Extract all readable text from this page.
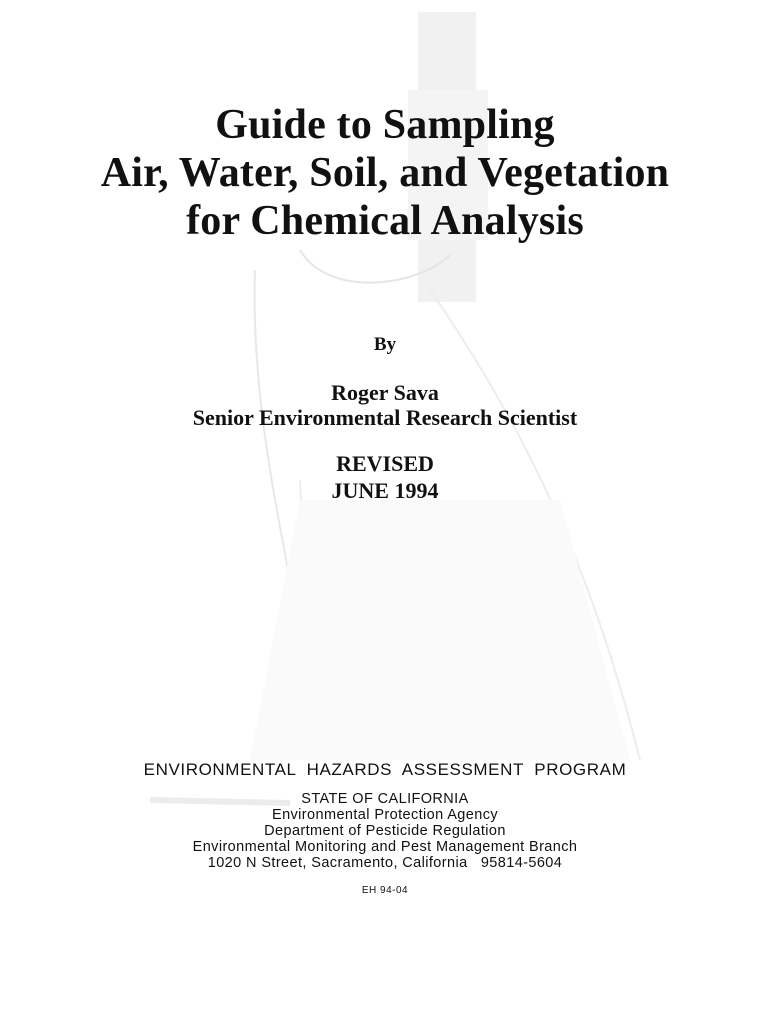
Guide to Sampling
Air, Water, Soil, and Vegetation
for Chemical Analysis
By
Roger Sava
Senior Environmental Research Scientist
REVISED
JUNE 1994
ENVIRONMENTAL  HAZARDS  ASSESSMENT  PROGRAM
STATE OF CALIFORNIA
Environmental Protection Agency
Department of Pesticide Regulation
Environmental Monitoring and Pest Management Branch
1020 N Street, Sacramento, California   95814-5604
EH 94-04
